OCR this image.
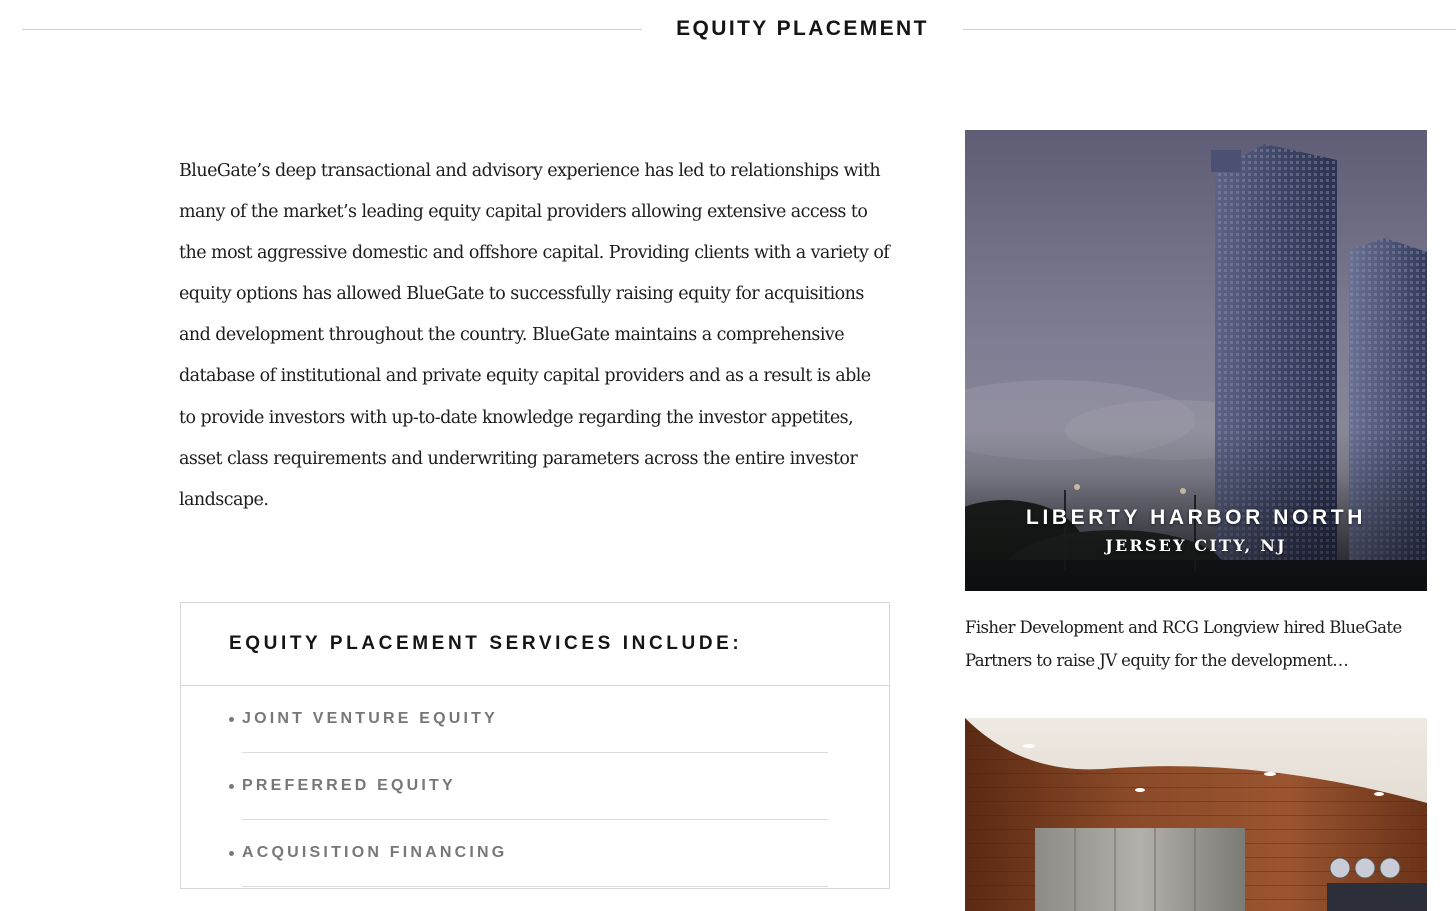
EQUITY PLACEMENT

BlueGate’s deep transactional and advisory experience has led to relationships with many of the market’s leading equity capital providers allowing extensive access to the most aggressive domestic and offshore capital. Providing clients with a variety of equity options has allowed BlueGate to successfully raising equity for acquisitions and development throughout the country. BlueGate maintains a comprehensive database of institutional and private equity capital providers and as a result is able to provide investors with up-to-date knowledge regarding the investor appetites, asset class requirements and underwriting parameters across the entire investor landscape.

EQUITY PLACEMENT SERVICES INCLUDE:
JOINT VENTURE EQUITY
PREFERRED EQUITY
ACQUISITION FINANCING
LIBERTY HARBOR NORTH
JERSEY CITY, NJ

Fisher Development and RCG Longview hired BlueGate Partners to raise JV equity for the development…
